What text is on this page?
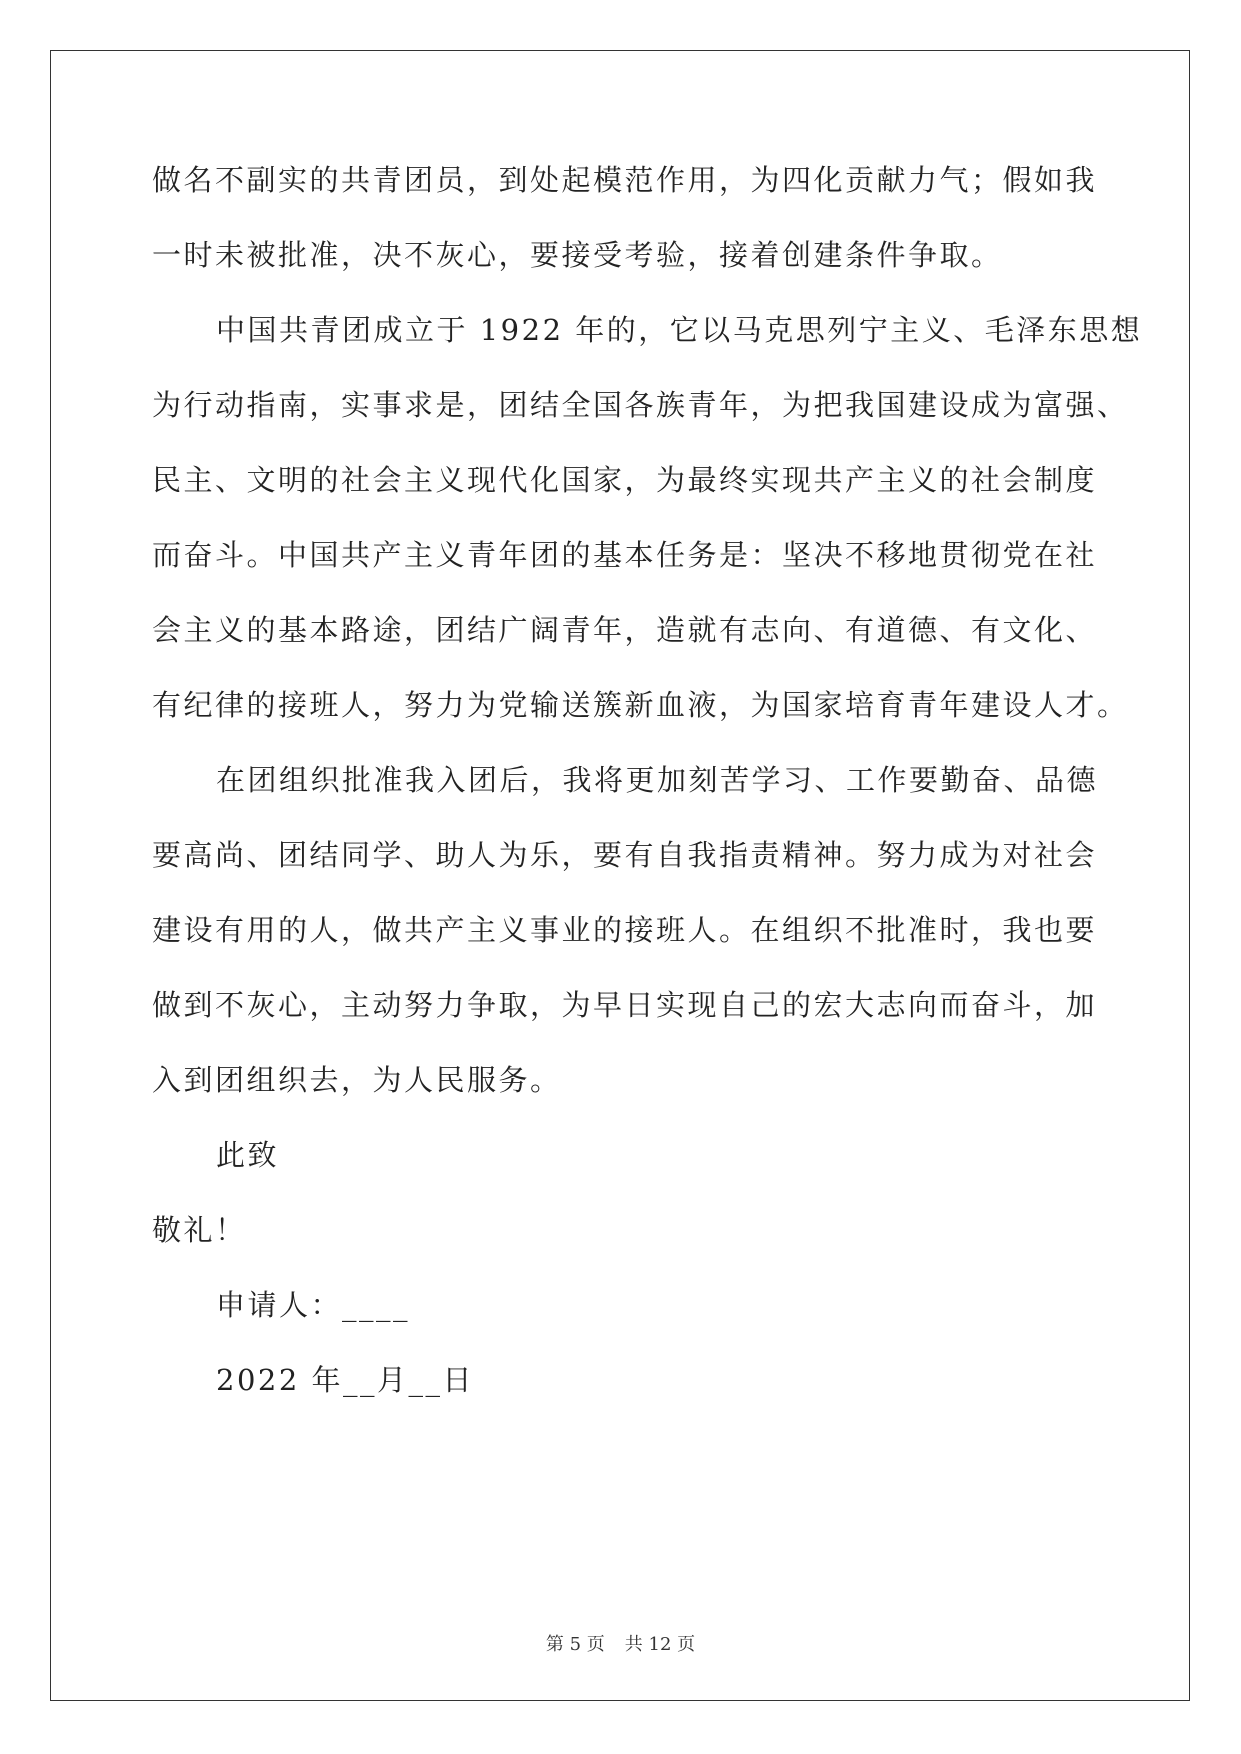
做名不副实的共青团员，到处起模范作用，为四化贡献力气；假如我
一时未被批准，决不灰心，要接受考验，接着创建条件争取。
中国共青团成立于 1922 年的，它以马克思列宁主义、毛泽东思想
为行动指南，实事求是，团结全国各族青年，为把我国建设成为富强、
民主、文明的社会主义现代化国家，为最终实现共产主义的社会制度
而奋斗。中国共产主义青年团的基本任务是：坚决不移地贯彻党在社
会主义的基本路途，团结广阔青年，造就有志向、有道德、有文化、
有纪律的接班人，努力为党输送簇新血液，为国家培育青年建设人才。
在团组织批准我入团后，我将更加刻苦学习、工作要勤奋、品德
要高尚、团结同学、助人为乐，要有自我指责精神。努力成为对社会
建设有用的人，做共产主义事业的接班人。在组织不批准时，我也要
做到不灰心，主动努力争取，为早日实现自己的宏大志向而奋斗，加
入到团组织去，为人民服务。
此致
敬礼！
申请人：____
2022 年__月__日
第 5 页 共 12 页
